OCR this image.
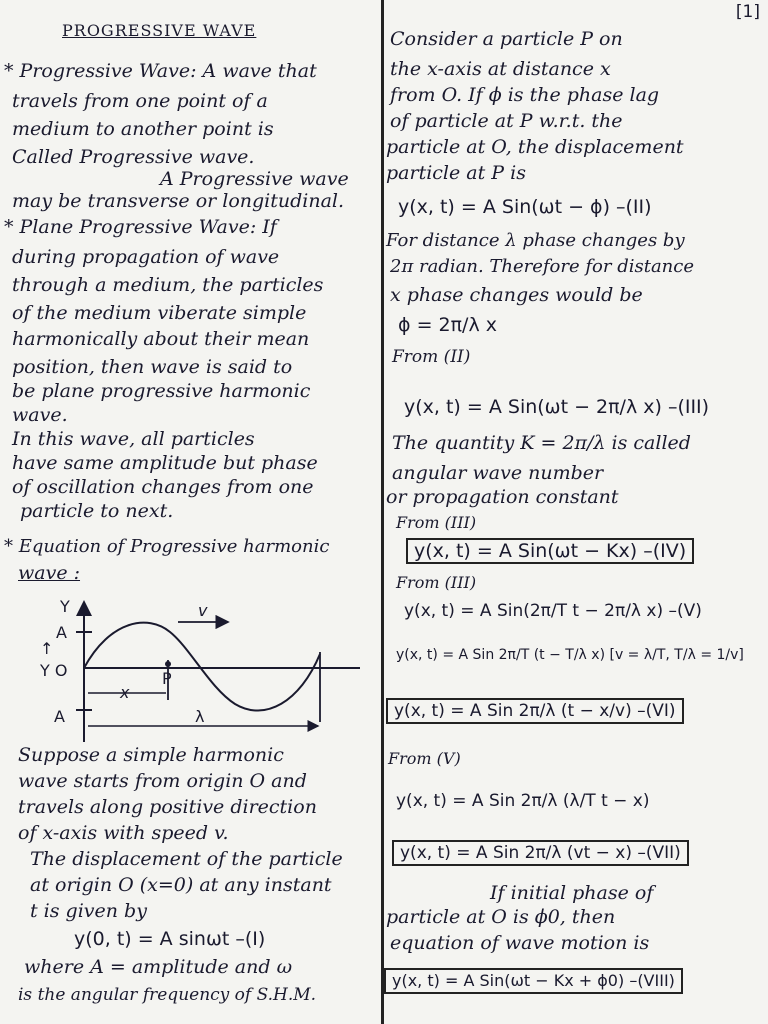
[1]
PROGRESSIVE WAVE
* Progressive Wave: A wave that
travels from one point of a
medium to another point is
Called Progressive wave.
A Progressive wave
may be transverse or longitudinal.
* Plane Progressive Wave: If
during propagation of wave
through a medium, the particles
of the medium viberate simple
harmonically about their mean
position, then wave is said to
be plane progressive harmonic
wave.
In this wave, all particles
have same amplitude but phase
of oscillation changes from one
particle to next.
* Equation of Progressive harmonic
wave :
Y
A
↑
Y O
A
v
P
x
λ
Suppose a simple harmonic
wave starts from origin O and
travels along positive direction
of x-axis with speed v.
The displacement of the particle
at origin O (x=0) at any instant
t is given by
y(0, t) = A sinωt –(I)
where A = amplitude and ω
is the angular frequency of S.H.M.
Consider a particle P on
the x-axis at distance x
from O. If ϕ is the phase lag
of particle at P w.r.t. the
particle at O, the displacement
particle at P is
y(x, t) = A Sin(ωt − ϕ) –(II)
For distance λ phase changes by
2π radian. Therefore for distance
x phase changes would be
ϕ = 2π/λ x
From (II)
y(x, t) = A Sin(ωt − 2π/λ x) –(III)
The quantity K = 2π/λ is called
angular wave number
or propagation constant
From (III)
y(x, t) = A Sin(ωt − Kx) –(IV)
From (III)
y(x, t) = A Sin(2π/T t − 2π/λ x) –(V)
y(x, t) = A Sin 2π/T (t − T/λ x) [v = λ/T, T/λ = 1/v]
y(x, t) = A Sin 2π/λ (t − x/v) –(VI)
From (V)
y(x, t) = A Sin 2π/λ (λ/T t − x)
y(x, t) = A Sin 2π/λ (vt − x) –(VII)
If initial phase of
particle at O is ϕ0, then
equation of wave motion is
y(x, t) = A Sin(ωt − Kx + ϕ0) –(VIII)
